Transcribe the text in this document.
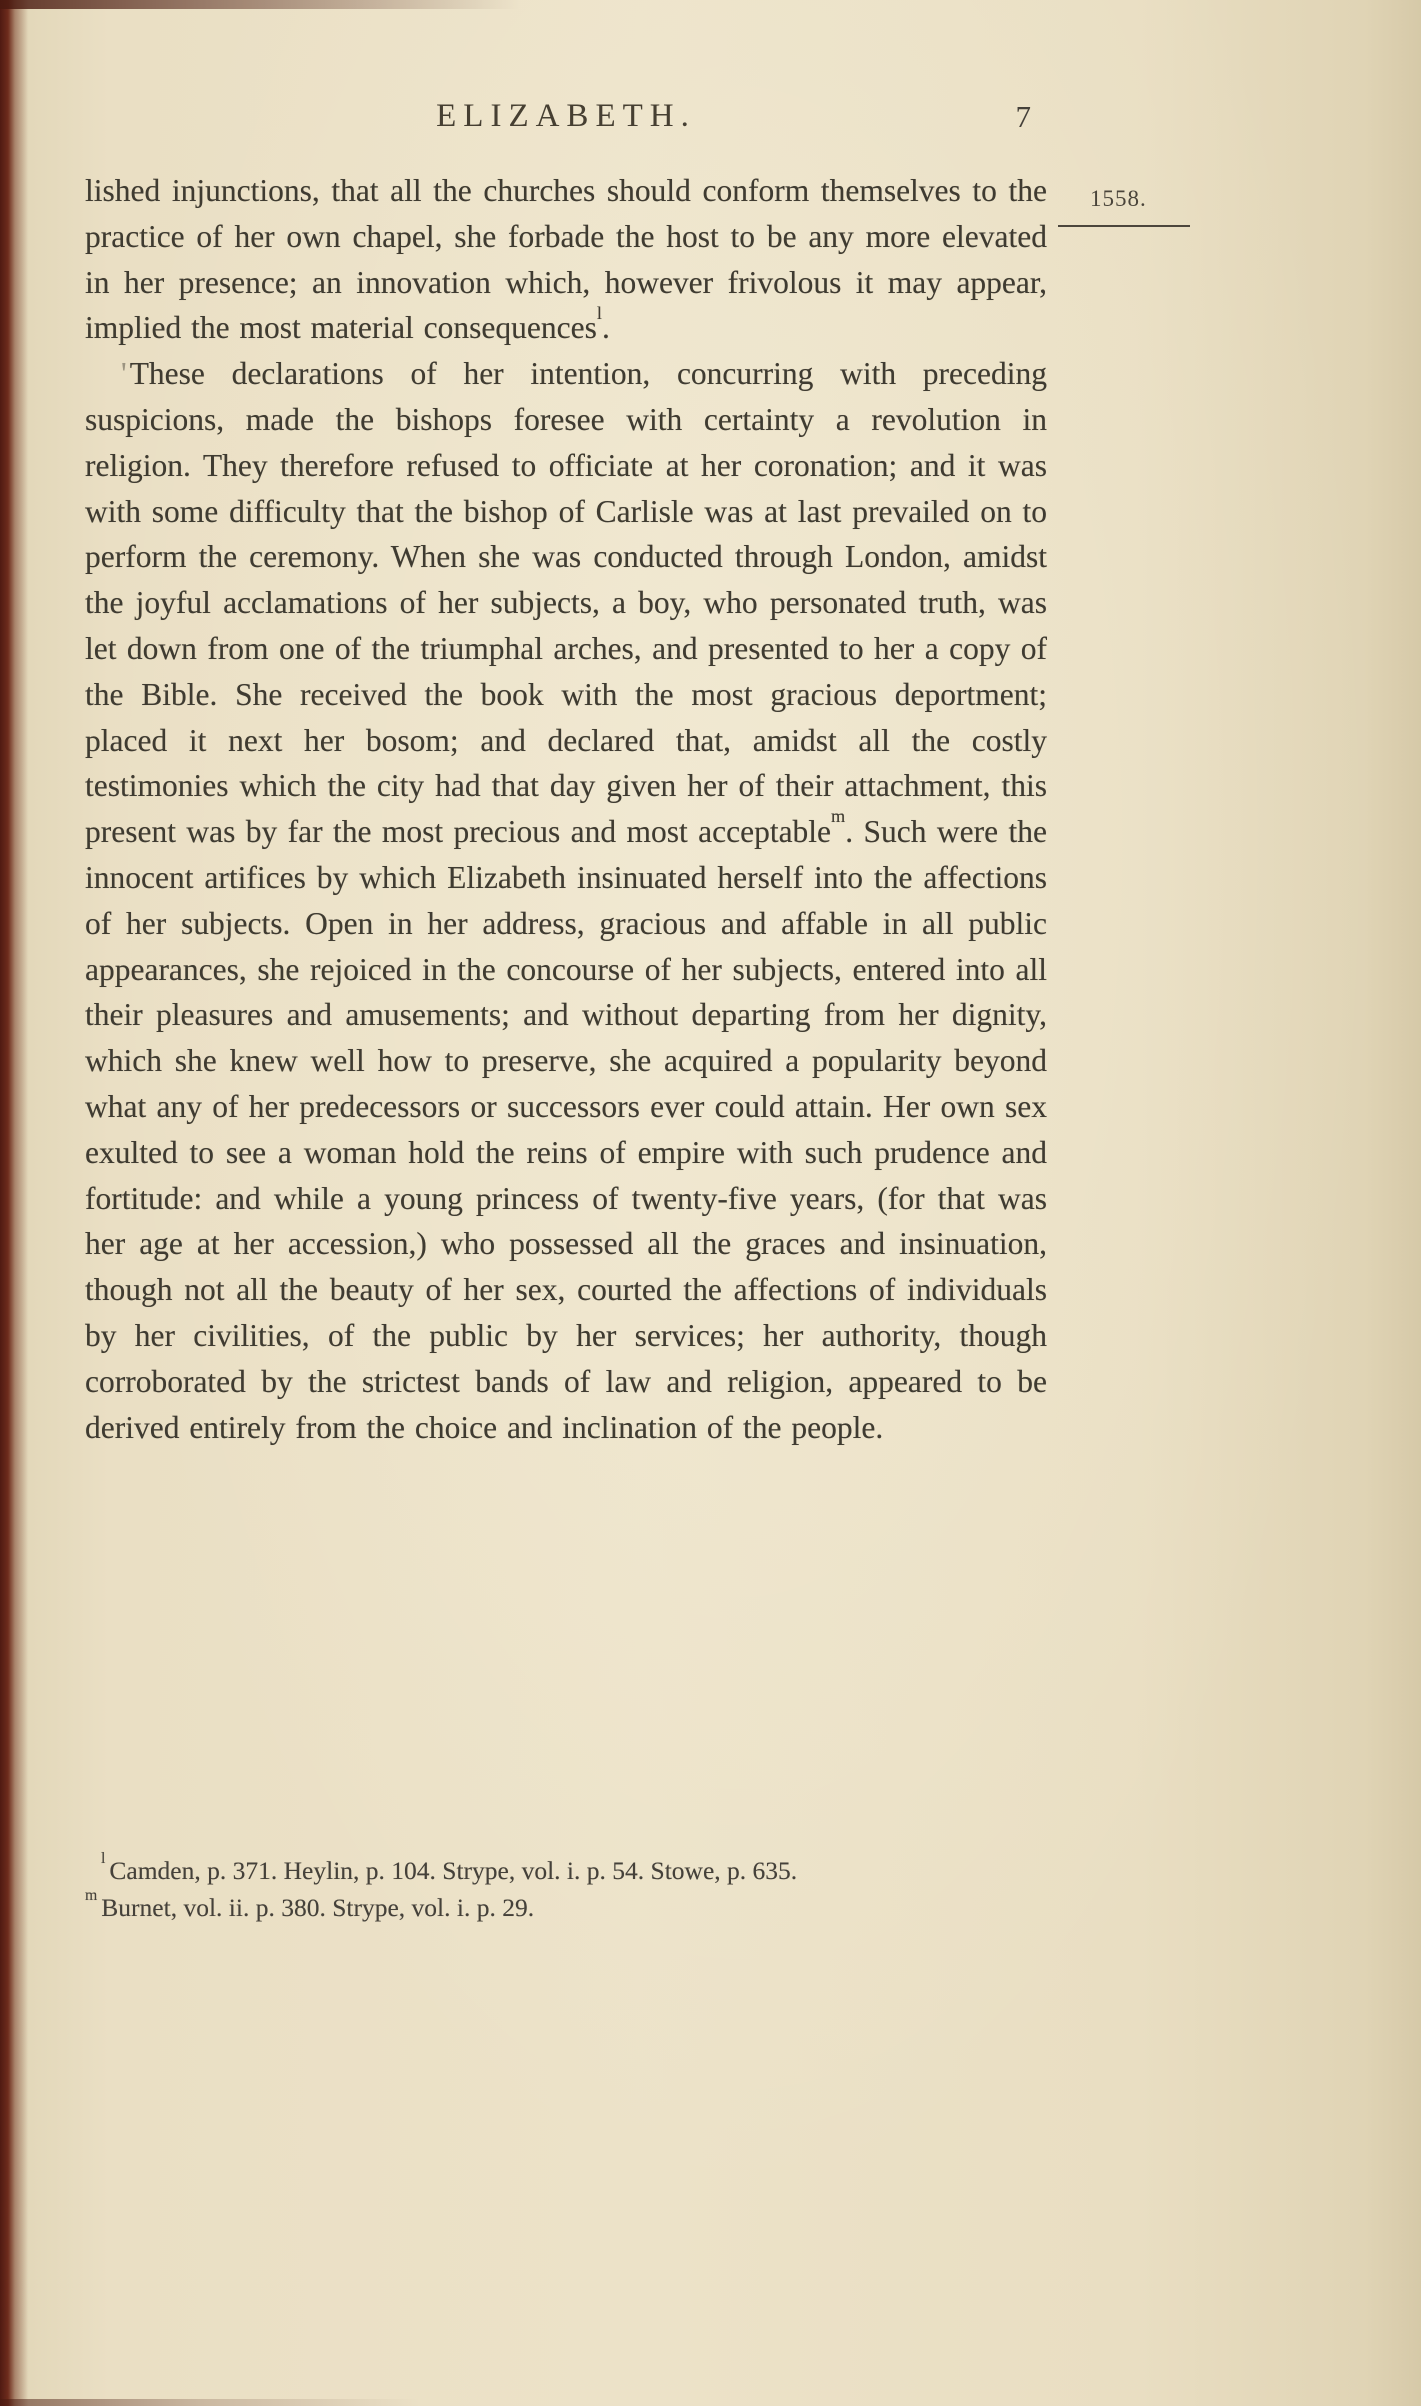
ELIZABETH.	7
1558.

lished injunctions, that all the churches should conform themselves to the practice of her own chapel, she forbade the host to be any more elevated in her presence; an innovation which, however frivolous it may appear, implied the most material consequences$^l$.

'These declarations of her intention, concurring with preceding suspicions, made the bishops foresee with certainty a revolution in religion. They therefore refused to officiate at her coronation; and it was with some difficulty that the bishop of Carlisle was at last prevailed on to perform the ceremony. When she was conducted through London, amidst the joyful acclamations of her subjects, a boy, who personated truth, was let down from one of the triumphal arches, and presented to her a copy of the Bible. She received the book with the most gracious deportment; placed it next her bosom; and declared that, amidst all the costly testimonies which the city had that day given her of their attachment, this present was by far the most precious and most acceptable$^m$. Such were the innocent artifices by which Elizabeth insinuated herself into the affections of her subjects. Open in her address, gracious and affable in all public appearances, she rejoiced in the concourse of her subjects, entered into all their pleasures and amusements; and without departing from her dignity, which she knew well how to preserve, she acquired a popularity beyond what any of her predecessors or successors ever could attain. Her own sex exulted to see a woman hold the reins of empire with such prudence and fortitude: and while a young princess of twenty-five years, (for that was her age at her accession,) who possessed all the graces and insinuation, though not all the beauty of her sex, courted the affections of individuals by her civilities, of the public by her services; her authority, though corroborated by the strictest bands of law and religion, appeared to be derived entirely from the choice and inclination of the people.

$^l$ Camden, p. 371. Heylin, p. 104. Strype, vol. i. p. 54. Stowe, p. 635.

$^m$ Burnet, vol. ii. p. 380. Strype, vol. i. p. 29.
